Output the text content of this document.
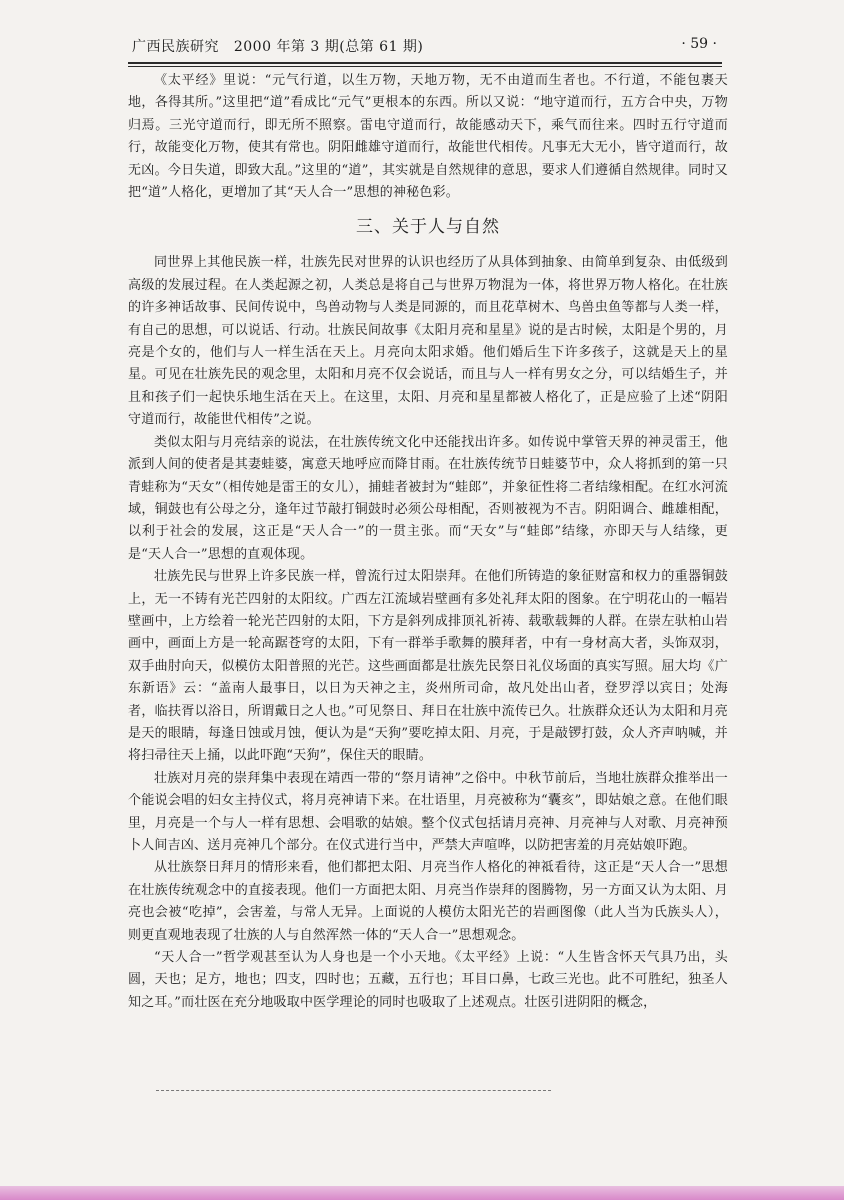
广西民族研究 2000 年第 3 期(总第 61 期)	· 59 ·

《太平经》里说：“元气行道，以生万物，天地万物，无不由道而生者也。不行道，不能包裹天地，各得其所。”这里把“道”看成比“元气”更根本的东西。所以又说：“地守道而行，五方合中央，万物归焉。三光守道而行，即无所不照察。雷电守道而行，故能感动天下，乘气而往来。四时五行守道而行，故能变化万物，使其有常也。阴阳雌雄守道而行，故能世代相传。凡事无大无小，皆守道而行，故无凶。今日失道，即致大乱。”这里的“道”，其实就是自然规律的意思，要求人们遵循自然规律。同时又把“道”人格化，更增加了其“天人合一”思想的神秘色彩。

三、关于人与自然

同世界上其他民族一样，壮族先民对世界的认识也经历了从具体到抽象、由简单到复杂、由低级到高级的发展过程。在人类起源之初，人类总是将自己与世界万物混为一体，将世界万物人格化。在壮族的许多神话故事、民间传说中，鸟兽动物与人类是同源的，而且花草树木、鸟兽虫鱼等都与人类一样，有自己的思想，可以说话、行动。壮族民间故事《太阳月亮和星星》说的是古时候，太阳是个男的，月亮是个女的，他们与人一样生活在天上。月亮向太阳求婚。他们婚后生下许多孩子，这就是天上的星星。可见在壮族先民的观念里，太阳和月亮不仅会说话，而且与人一样有男女之分，可以结婚生子，并且和孩子们一起快乐地生活在天上。在这里，太阳、月亮和星星都被人格化了，正是应验了上述“阴阳守道而行，故能世代相传”之说。

类似太阳与月亮结亲的说法，在壮族传统文化中还能找出许多。如传说中掌管天界的神灵雷王，他派到人间的使者是其妻蛙婆，寓意天地呼应而降甘雨。在壮族传统节日蛙婆节中，众人将抓到的第一只青蛙称为“天女”（相传她是雷王的女儿），捕蛙者被封为“蛙郎”，并象征性将二者结缘相配。在红水河流域，铜鼓也有公母之分，逢年过节敲打铜鼓时必须公母相配，否则被视为不吉。阴阳调合、雌雄相配，以利于社会的发展，这正是“天人合一”的一贯主张。而“天女”与“蛙郎”结缘，亦即天与人结缘，更是“天人合一”思想的直观体现。

壮族先民与世界上许多民族一样，曾流行过太阳崇拜。在他们所铸造的象征财富和权力的重器铜鼓上，无一不铸有光芒四射的太阳纹。广西左江流域岩壁画有多处礼拜太阳的图象。在宁明花山的一幅岩壁画中，上方绘着一轮光芒四射的太阳，下方是斜列成排顶礼祈祷、载歌载舞的人群。在崇左驮柏山岩画中，画面上方是一轮高踞苍穹的太阳，下有一群举手歌舞的膜拜者，中有一身材高大者，头饰双羽，双手曲肘向天，似模仿太阳普照的光芒。这些画面都是壮族先民祭日礼仪场面的真实写照。屈大均《广东新语》云：“盖南人最事日，以日为天神之主，炎州所司命，故凡处出山者，登罗浮以宾日；处海者，临扶胥以浴日，所谓戴日之人也。”可见祭日、拜日在壮族中流传已久。壮族群众还认为太阳和月亮是天的眼睛，每逢日蚀或月蚀，便认为是“天狗”要吃掉太阳、月亮，于是敲锣打鼓，众人齐声呐喊，并将扫帚往天上捅，以此吓跑“天狗”，保住天的眼睛。

壮族对月亮的崇拜集中表现在靖西一带的“祭月请神”之俗中。中秋节前后，当地壮族群众推举出一个能说会唱的妇女主持仪式，将月亮神请下来。在壮语里，月亮被称为“囊亥”，即姑娘之意。在他们眼里，月亮是一个与人一样有思想、会唱歌的姑娘。整个仪式包括请月亮神、月亮神与人对歌、月亮神预卜人间吉凶、送月亮神几个部分。在仪式进行当中，严禁大声喧哗，以防把害羞的月亮姑娘吓跑。

从壮族祭日拜月的情形来看，他们都把太阳、月亮当作人格化的神祗看待，这正是“天人合一”思想在壮族传统观念中的直接表现。他们一方面把太阳、月亮当作崇拜的图腾物，另一方面又认为太阳、月亮也会被“吃掉”，会害羞，与常人无异。上面说的人模仿太阳光芒的岩画图像（此人当为氏族头人），则更直观地表现了壮族的人与自然浑然一体的“天人合一”思想观念。

“天人合一”哲学观甚至认为人身也是一个小天地。《太平经》上说：“人生皆含怀天气具乃出，头圆，天也；足方，地也；四支，四时也；五藏，五行也；耳目口鼻，七政三光也。此不可胜纪，独圣人知之耳。”而壮医在充分地吸取中医学理论的同时也吸取了上述观点。壮医引进阴阳的概念，
